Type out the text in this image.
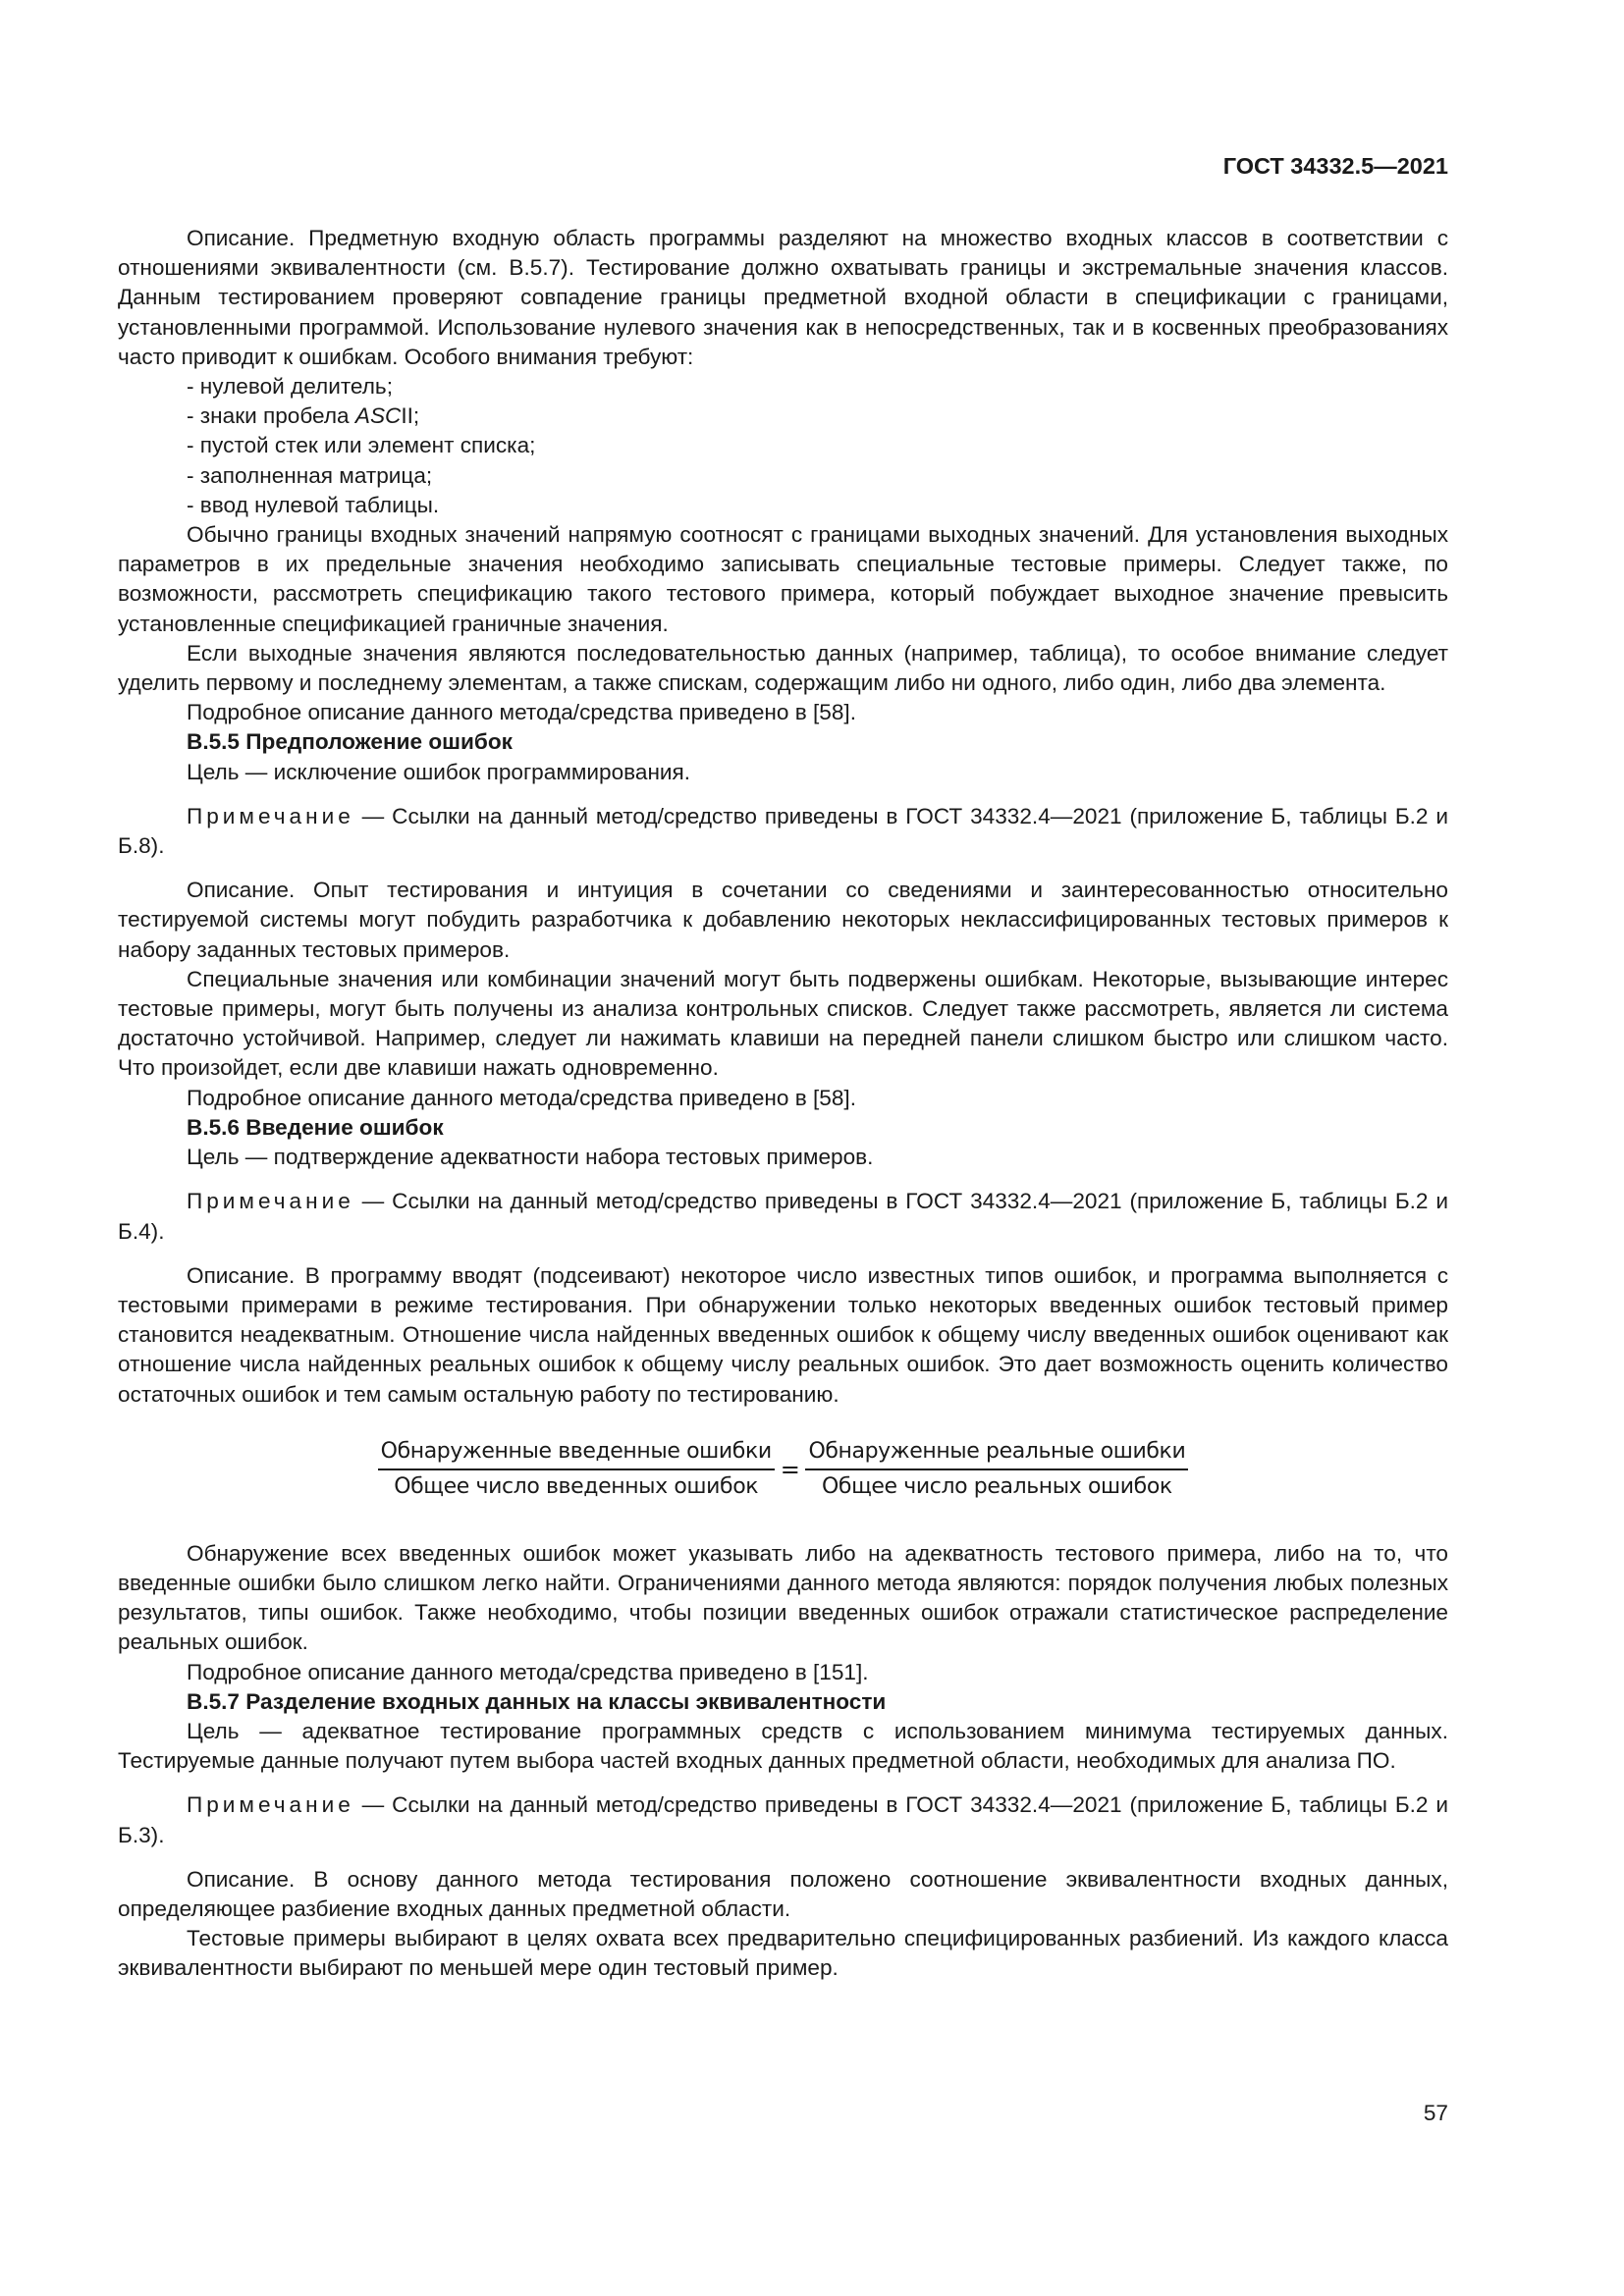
ГОСТ 34332.5—2021

Описание. Предметную входную область программы разделяют на множество входных классов в соответствии с отношениями эквивалентности (см. В.5.7). Тестирование должно охватывать границы и экстремальные значения классов. Данным тестированием проверяют совпадение границы предметной входной области в спецификации с границами, установленными программой. Использование нулевого значения как в непосредственных, так и в косвенных преобразованиях часто приводит к ошибкам. Особого внимания требуют:

- нулевой делитель;

- знаки пробела ASCII;

- пустой стек или элемент списка;

- заполненная матрица;

- ввод нулевой таблицы.

Обычно границы входных значений напрямую соотносят с границами выходных значений. Для установления выходных параметров в их предельные значения необходимо записывать специальные тестовые примеры. Следует также, по возможности, рассмотреть спецификацию такого тестового примера, который побуждает выходное значение превысить установленные спецификацией граничные значения.

Если выходные значения являются последовательностью данных (например, таблица), то особое внимание следует уделить первому и последнему элементам, а также спискам, содержащим либо ни одного, либо один, либо два элемента.

Подробное описание данного метода/средства приведено в [58].

В.5.5 Предположение ошибок

Цель — исключение ошибок программирования.

Примечание — Ссылки на данный метод/средство приведены в ГОСТ 34332.4—2021 (приложение Б, таблицы Б.2 и Б.8).

Описание. Опыт тестирования и интуиция в сочетании со сведениями и заинтересованностью относительно тестируемой системы могут побудить разработчика к добавлению некоторых неклассифицированных тестовых примеров к набору заданных тестовых примеров.

Специальные значения или комбинации значений могут быть подвержены ошибкам. Некоторые, вызывающие интерес тестовые примеры, могут быть получены из анализа контрольных списков. Следует также рассмотреть, является ли система достаточно устойчивой. Например, следует ли нажимать клавиши на передней панели слишком быстро или слишком часто. Что произойдет, если две клавиши нажать одновременно.

Подробное описание данного метода/средства приведено в [58].

В.5.6 Введение ошибок

Цель — подтверждение адекватности набора тестовых примеров.

Примечание — Ссылки на данный метод/средство приведены в ГОСТ 34332.4—2021 (приложение Б, таблицы Б.2 и Б.4).

Описание. В программу вводят (подсеивают) некоторое число известных типов ошибок, и программа выполняется с тестовыми примерами в режиме тестирования. При обнаружении только некоторых введенных ошибок тестовый пример становится неадекватным. Отношение числа найденных введенных ошибок к общему числу введенных ошибок оценивают как отношение числа найденных реальных ошибок к общему числу реальных ошибок. Это дает возможность оценить количество остаточных ошибок и тем самым остальную работу по тестированию.

$\frac{\text{Обнаруженные введенные ошибки}}{\text{Общее число введенных ошибок}} = \frac{\text{Обнаруженные реальные ошибки}}{\text{Общее число реальных ошибок}}$

Обнаружение всех введенных ошибок может указывать либо на адекватность тестового примера, либо на то, что введенные ошибки было слишком легко найти. Ограничениями данного метода являются: порядок получения любых полезных результатов, типы ошибок. Также необходимо, чтобы позиции введенных ошибок отражали статистическое распределение реальных ошибок.

Подробное описание данного метода/средства приведено в [151].

В.5.7 Разделение входных данных на классы эквивалентности

Цель — адекватное тестирование программных средств с использованием минимума тестируемых данных. Тестируемые данные получают путем выбора частей входных данных предметной области, необходимых для анализа ПО.

Примечание — Ссылки на данный метод/средство приведены в ГОСТ 34332.4—2021 (приложение Б, таблицы Б.2 и Б.3).

Описание. В основу данного метода тестирования положено соотношение эквивалентности входных данных, определяющее разбиение входных данных предметной области.

Тестовые примеры выбирают в целях охвата всех предварительно специфицированных разбиений. Из каждого класса эквивалентности выбирают по меньшей мере один тестовый пример.

57
